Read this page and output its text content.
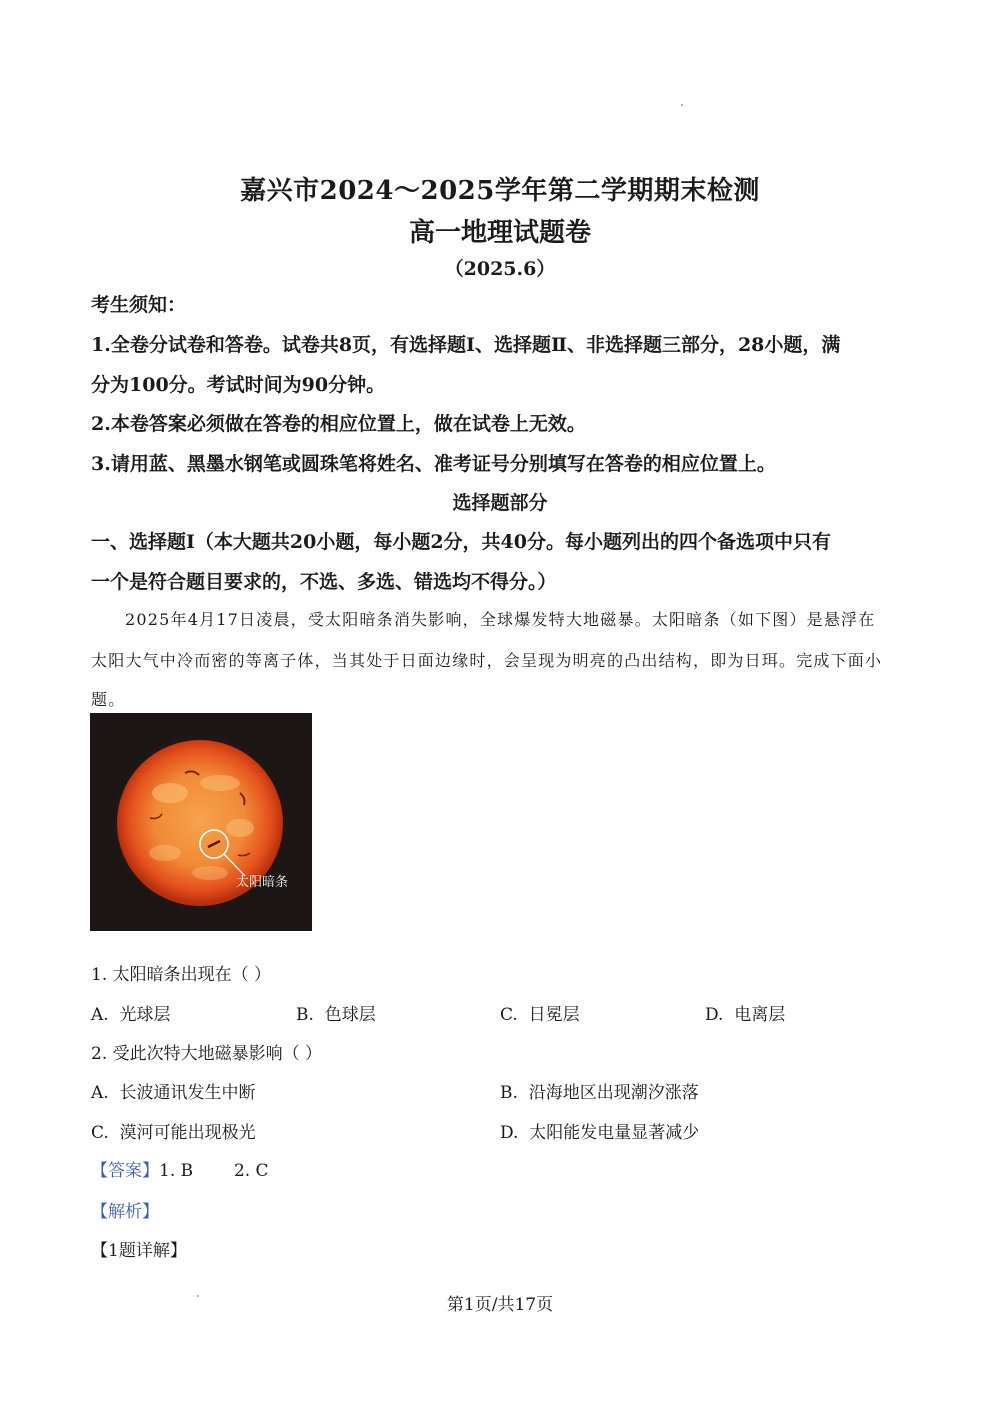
嘉兴市2024～2025学年第二学期期末检测
高一地理试题卷
（2025.6）
考生须知：
1.全卷分试卷和答卷。试卷共8页，有选择题Ⅰ、选择题Ⅱ、非选择题三部分，28小题，满
分为100分。考试时间为90分钟。
2.本卷答案必须做在答卷的相应位置上，做在试卷上无效。
3.请用蓝、黑墨水钢笔或圆珠笔将姓名、准考证号分别填写在答卷的相应位置上。
选择题部分
一、选择题Ⅰ（本大题共20小题，每小题2分，共40分。每小题列出的四个备选项中只有
一个是符合题目要求的，不选、多选、错选均不得分。）
2025年4月17日凌晨，受太阳暗条消失影响，全球爆发特大地磁暴。太阳暗条（如下图）是悬浮在
太阳大气中冷而密的等离子体，当其处于日面边缘时，会呈现为明亮的凸出结构，即为日珥。完成下面小
题。
太阳暗条
1. 太阳暗条出现在（ ）
A. 光球层	B. 色球层	C. 日冕层	D. 电离层
2. 受此次特大地磁暴影响（ ）
A. 长波通讯发生中断	B. 沿海地区出现潮汐涨落
C. 漠河可能出现极光	D. 太阳能发电量显著减少
【答案】1. B 2. C
【解析】
【1题详解】
第1页/共17页
